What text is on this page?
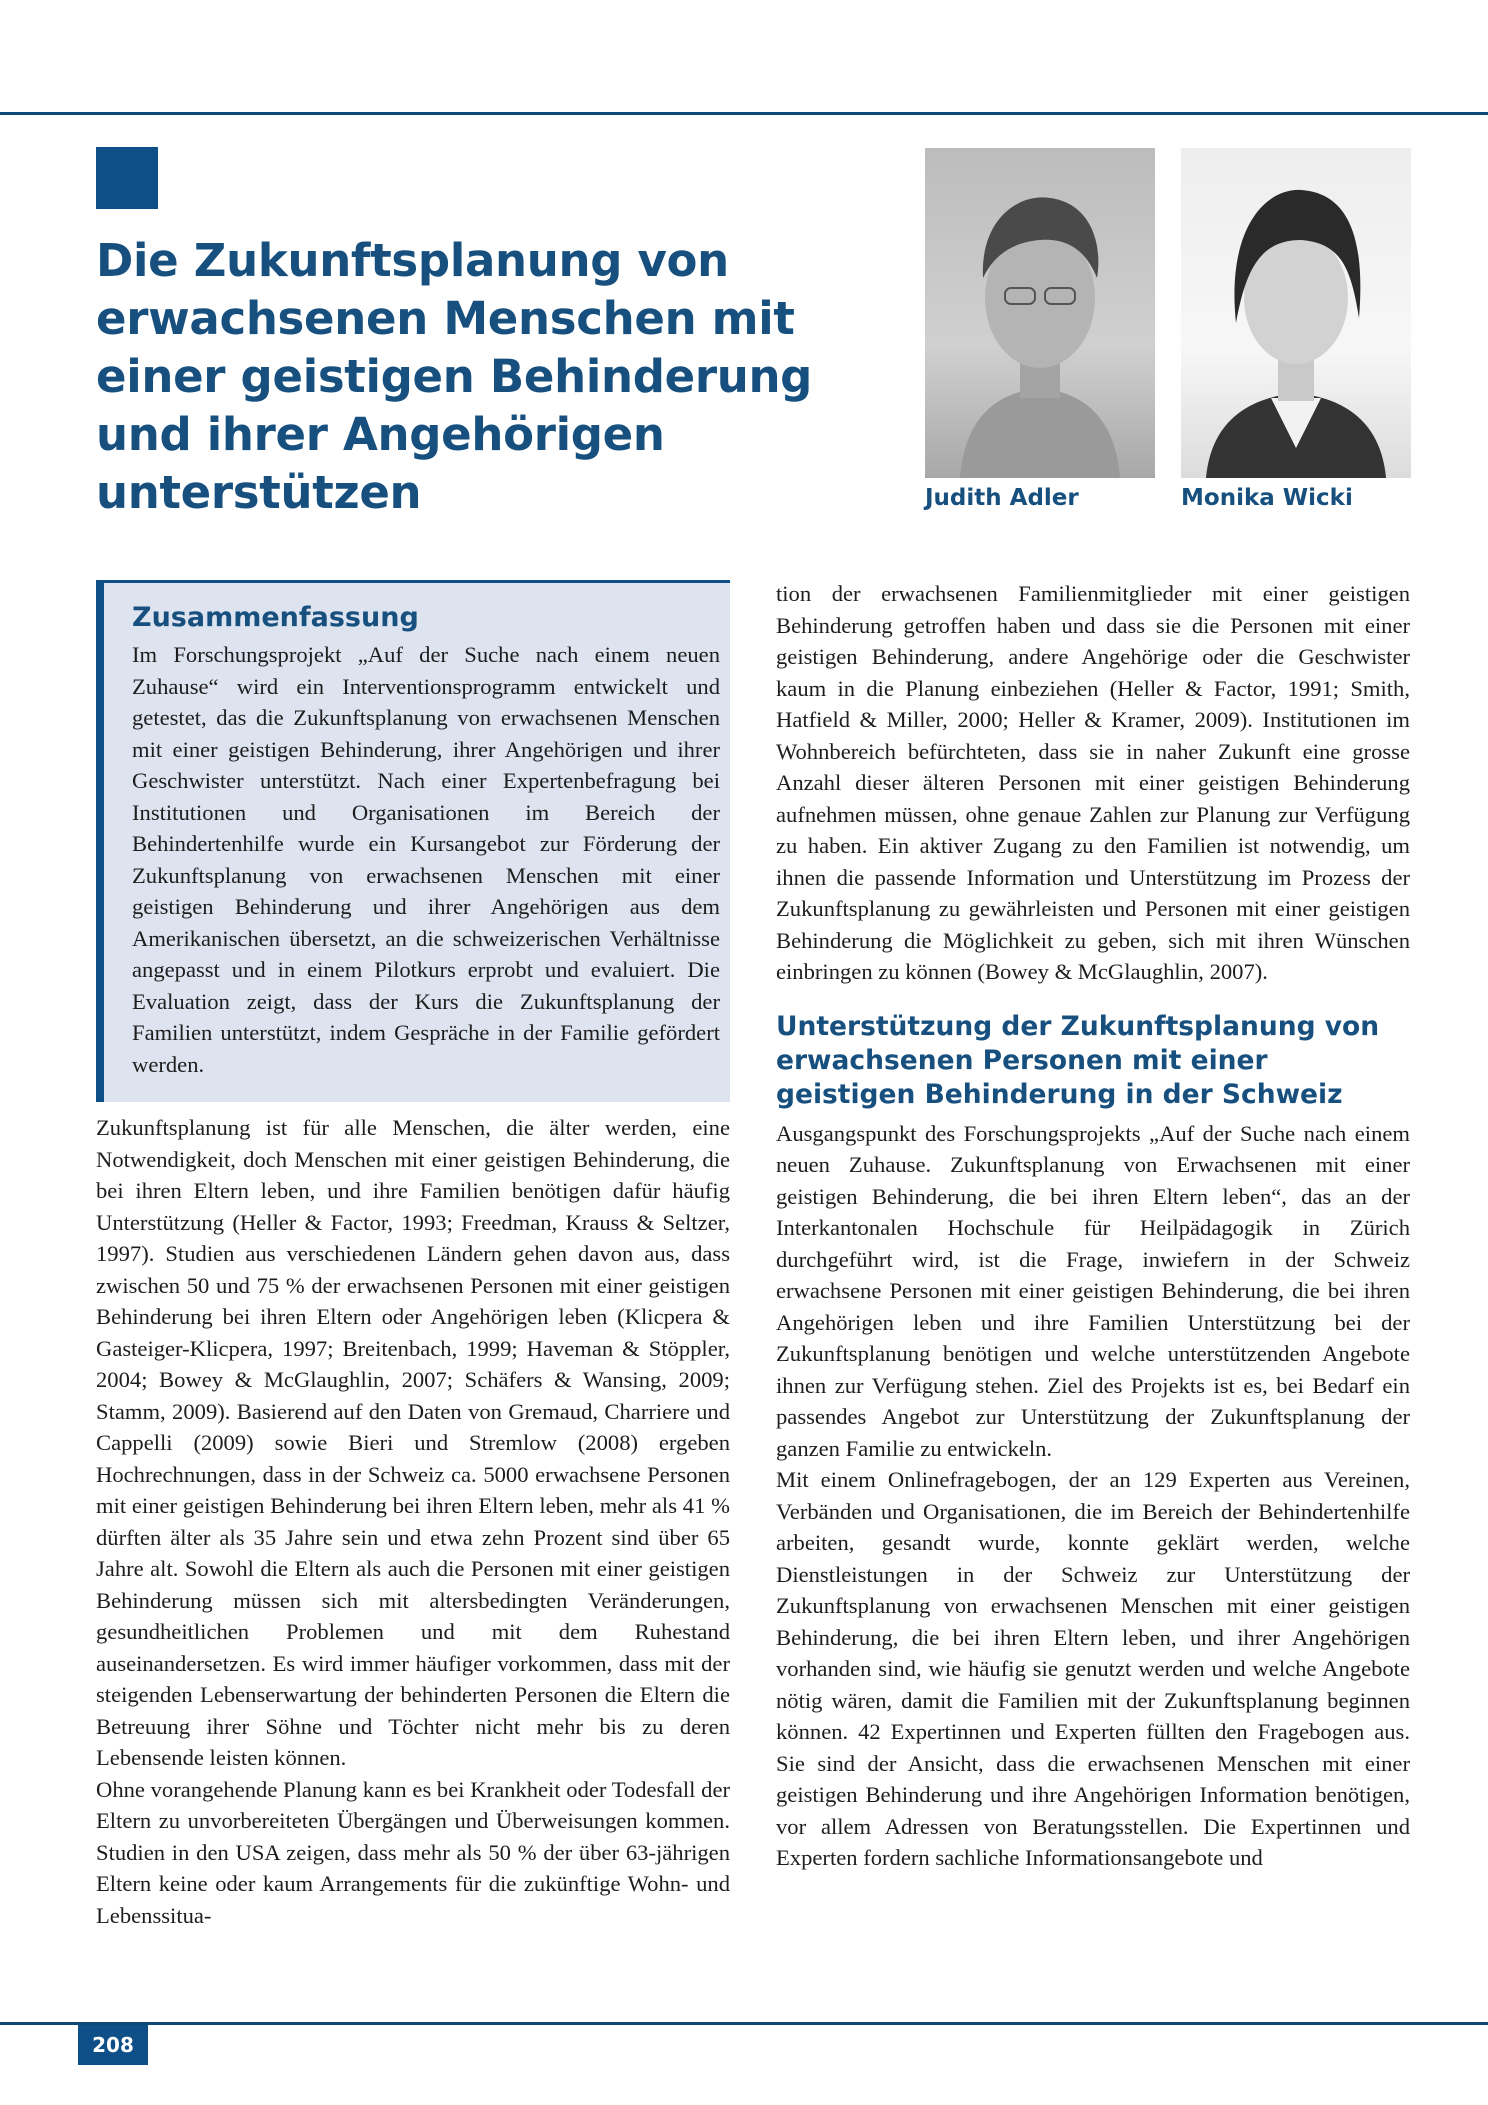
Die Zukunftsplanung von erwachsenen Menschen mit einer geistigen Behinderung und ihrer Angehörigen unterstützen	Judith Adler	Monika Wicki

Zusammenfassung

Im Forschungsprojekt „Auf der Suche nach einem neuen Zuhause“ wird ein Interventionsprogramm entwickelt und getestet, das die Zukunftsplanung von erwachsenen Menschen mit einer geistigen Behinderung, ihrer Angehörigen und ihrer Geschwister unterstützt. Nach einer Expertenbefragung bei Institutionen und Organisationen im Bereich der Behindertenhilfe wurde ein Kursangebot zur Förderung der Zukunftsplanung von erwachsenen Menschen mit einer geistigen Behinderung und ihrer Angehörigen aus dem Amerikanischen übersetzt, an die schweizerischen Verhältnisse angepasst und in einem Pilotkurs erprobt und evaluiert. Die Evaluation zeigt, dass der Kurs die Zukunftsplanung der Familien unterstützt, indem Gespräche in der Familie gefördert werden.

Zukunftsplanung ist für alle Menschen, die älter werden, eine Notwendigkeit, doch Menschen mit einer geistigen Behinderung, die bei ihren Eltern leben, und ihre Familien benötigen dafür häufig Unterstützung (Heller & Factor, 1993; Freedman, Krauss & Seltzer, 1997). Studien aus verschiedenen Ländern gehen davon aus, dass zwischen 50 und 75 % der erwachsenen Personen mit einer geistigen Behinderung bei ihren Eltern oder Angehörigen leben (Klicpera & Gasteiger-Klicpera, 1997; Breitenbach, 1999; Haveman & Stöppler, 2004; Bowey & McGlaughlin, 2007; Schäfers & Wansing, 2009; Stamm, 2009). Basierend auf den Daten von Gremaud, Charriere und Cappelli (2009) sowie Bieri und Stremlow (2008) ergeben Hochrechnungen, dass in der Schweiz ca. 5000 erwachsene Personen mit einer geistigen Behinderung bei ihren Eltern leben, mehr als 41 % dürften älter als 35 Jahre sein und etwa zehn Prozent sind über 65 Jahre alt. Sowohl die Eltern als auch die Personen mit einer geistigen Behinderung müssen sich mit altersbedingten Veränderungen, gesundheitlichen Problemen und mit dem Ruhestand auseinandersetzen. Es wird immer häufiger vorkommen, dass mit der steigenden Lebenserwartung der behinderten Personen die Eltern die Betreuung ihrer Söhne und Töchter nicht mehr bis zu deren Lebensende leisten können.

Ohne vorangehende Planung kann es bei Krankheit oder Todesfall der Eltern zu unvorbereiteten Übergängen und Überweisungen kommen. Studien in den USA zeigen, dass mehr als 50 % der über 63-jährigen Eltern keine oder kaum Arrangements für die zukünftige Wohn- und Lebenssitua-

tion der erwachsenen Familienmitglieder mit einer geistigen Behinderung getroffen haben und dass sie die Personen mit einer geistigen Behinderung, andere Angehörige oder die Geschwister kaum in die Planung einbeziehen (Heller & Factor, 1991; Smith, Hatfield & Miller, 2000; Heller & Kramer, 2009). Institutionen im Wohnbereich befürchteten, dass sie in naher Zukunft eine grosse Anzahl dieser älteren Personen mit einer geistigen Behinderung aufnehmen müssen, ohne genaue Zahlen zur Planung zur Verfügung zu haben. Ein aktiver Zugang zu den Familien ist notwendig, um ihnen die passende Information und Unterstützung im Prozess der Zukunftsplanung zu gewährleisten und Personen mit einer geistigen Behinderung die Möglichkeit zu geben, sich mit ihren Wünschen einbringen zu können (Bowey & McGlaughlin, 2007).

Unterstützung der Zukunftsplanung von erwachsenen Personen mit einer geistigen Behinderung in der Schweiz

Ausgangspunkt des Forschungsprojekts „Auf der Suche nach einem neuen Zuhause. Zukunftsplanung von Erwachsenen mit einer geistigen Behinderung, die bei ihren Eltern leben“, das an der Interkantonalen Hochschule für Heilpädagogik in Zürich durchgeführt wird, ist die Frage, inwiefern in der Schweiz erwachsene Personen mit einer geistigen Behinderung, die bei ihren Angehörigen leben und ihre Familien Unterstützung bei der Zukunftsplanung benötigen und welche unterstützenden Angebote ihnen zur Verfügung stehen. Ziel des Projekts ist es, bei Bedarf ein passendes Angebot zur Unterstützung der Zukunftsplanung der ganzen Familie zu entwickeln.

Mit einem Onlinefragebogen, der an 129 Experten aus Vereinen, Verbänden und Organisationen, die im Bereich der Behindertenhilfe arbeiten, gesandt wurde, konnte geklärt werden, welche Dienstleistungen in der Schweiz zur Unterstützung der Zukunftsplanung von erwachsenen Menschen mit einer geistigen Behinderung, die bei ihren Eltern leben, und ihrer Angehörigen vorhanden sind, wie häufig sie genutzt werden und welche Angebote nötig wären, damit die Familien mit der Zukunftsplanung beginnen können. 42 Expertinnen und Experten füllten den Fragebogen aus. Sie sind der Ansicht, dass die erwachsenen Menschen mit einer geistigen Behinderung und ihre Angehörigen Information benötigen, vor allem Adressen von Beratungsstellen. Die Expertinnen und Experten fordern sachliche Informationsangebote und

208
